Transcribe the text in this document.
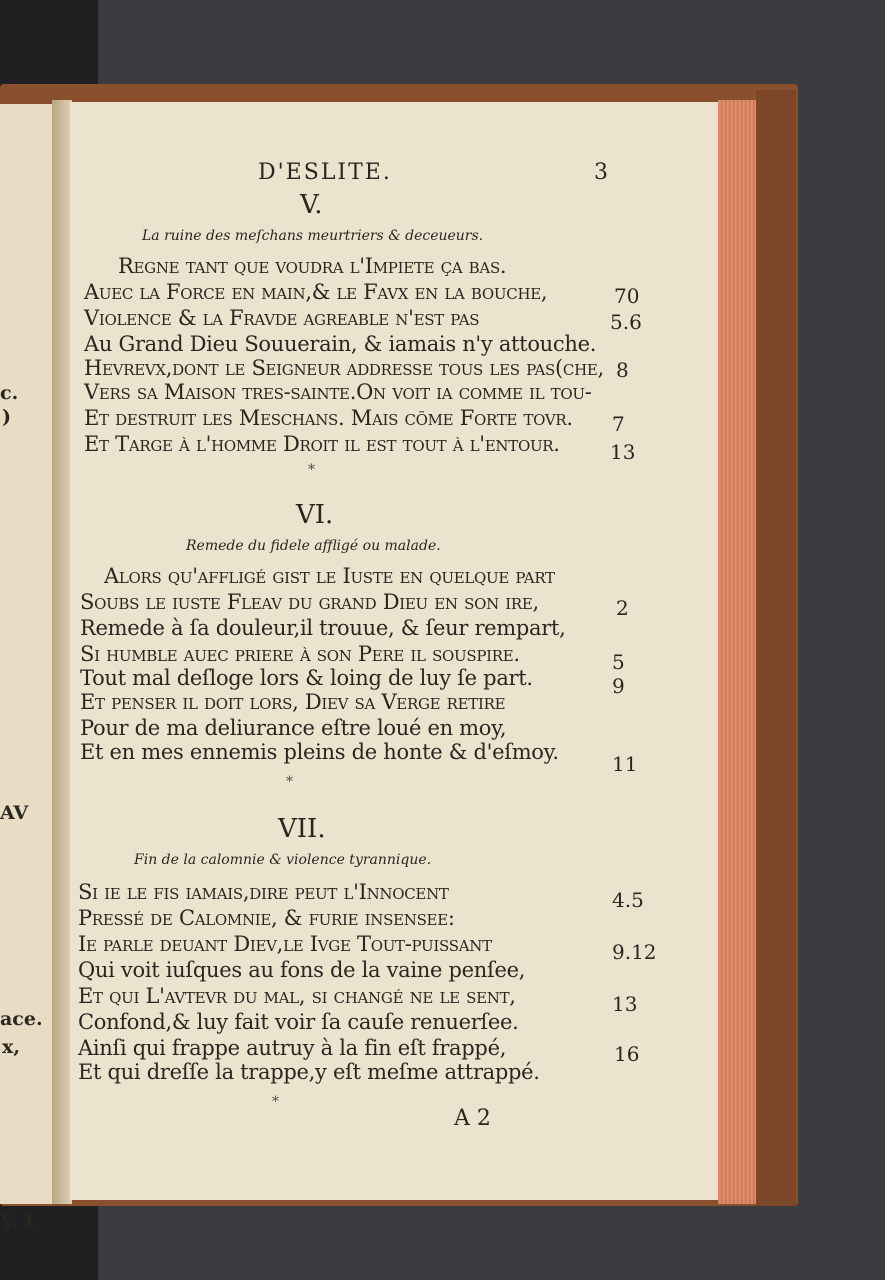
c.
)
AV
ace.
x,
V. L
D'ESLITE.	3
V.
La ruine des meſchans meurtriers & deceueurs.
Regne tant que voudra l'Impiete ça bas.
Auec la Force en main,& le Favx en la bouche,	70
Violence & la Fravde agreable n'eſt pas	5.6
Au Grand Dieu Souuerain, & iamais n'y attouche.
Hevrevx,dont le Seigneur addreſſe tous les pas(che, 8
Vers ſa Maison tres-ſainte.On voit ia comme il tou-
Et deſtruit les Meschans. Mais cõme Forte tovr. 7
Et Targe à l'homme Droit il eſt tout à l'entour.	13
*
VI.
Remede du fidele affligé ou malade.
Alors qu'affligé giſt le Iuſte en quelque part
Soubs le iuſte Fleav du grand Dieu en ſon ire,	2
Remede à ſa douleur,il trouue, & ſeur rempart,
Si humble auec priere à ſon Pere il ſouſpire.	5
Tout mal deſloge lors & loing de luy ſe part.	9
Et penſer il doit lors, Diev ſa Verge retire
Pour de ma deliurance eſtre loué en moy,
Et en mes ennemis pleins de honte & d'eſmoy.	11
*
VII.
Fin de la calomnie & violence tyrannique.
Si ie le fis iamais,dire peut l'Innocent	4.5
Preſſé de Calomnie, & furie inſenſee:
Ie parle deuant Diev,le Ivge Tout-puiſſant	9.12
Qui voit iuſques au fons de la vaine penſee,
Et qui L'avtevr du mal, ſi changé ne le ſent,	13
Confond,& luy fait voir ſa cauſe renuerſee.
Ainſi qui frappe autruy à la fin eſt frappé,	16
Et qui dreſſe la trappe,y eſt meſme attrappé.
*
A 2
